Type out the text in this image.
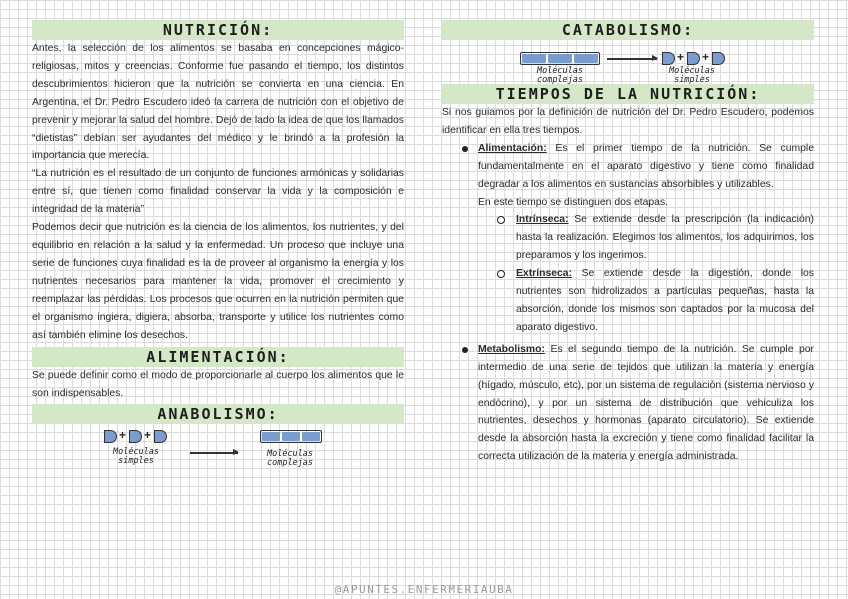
NUTRICIÓN:

Antes, la selección de los alimentos se basaba en concepciones mágico-religiosas, mitos y creencias. Conforme fue pasando el tiempo, los distintos descubrimientos hicieron que la nutrición se convierta en una ciencia. En Argentina, el Dr. Pedro Escudero ideó la carrera de nutrición con el objetivo de prevenir y mejorar la salud del hombre. Dejó de lado la idea de que los llamados “dietistas” debían ser ayudantes del médico y le brindó a la profesión la importancia que merecía.

“La nutrición es el resultado de un conjunto de funciones armónicas y solidarias entre sí, que tienen como finalidad conservar la vida y la composición e integridad de la materia”

Podemos decir que nutrición es la ciencia de los alimentos, los nutrientes, y del equilibrio en relación a la salud y la enfermedad. Un proceso que incluye una serie de funciones cuya finalidad es la de proveer al organismo la energía y los nutrientes necesarios para mantener la vida, promover el crecimiento y reemplazar las pérdidas. Los procesos que ocurren en la nutrición permiten que el organismo ingiera, digiera, absorba, transporte y utilice los nutrientes como así también elimine los desechos.

ALIMENTACIÓN:

Se puede definir como el modo de proporcionarle al cuerpo los alimentos que le son indispensables.

ANABOLISMO:
+ +
Moléculas
simples
Moléculas
complejas
CATABOLISMO:
Moléculas
complejas
+ +
Moléculas
simples
TIEMPOS DE LA NUTRICIÓN:

Si nos guiamos por la definición de nutrición del Dr. Pedro Escudero, podemos identificar en ella tres tiempos.

Alimentación: Es el primer tiempo de la nutrición. Se cumple fundamentalmente en el aparato digestivo y tiene como finalidad degradar a los alimentos en sustancias absorbibles y utilizables.

En este tiempo se distinguen dos etapas.

Intrínseca: Se extiende desde la prescripción (la indicación) hasta la realización. Elegimos los alimentos, los adquirimos, los preparamos y los ingerimos.

Extrínseca: Se extiende desde la digestión, donde los nutrientes son hidrolizados a partículas pequeñas, hasta la absorción, donde los mismos son captados por la mucosa del aparato digestivo.

Metabolismo: Es el segundo tiempo de la nutrición. Se cumple por intermedio de una serie de tejidos que utilizan la materia y energía (hígado, músculo, etc), por un sistema de regulación (sistema nervioso y endócrino), y por un sistema de distribución que vehiculiza los nutrientes, desechos y hormonas (aparato circulatorio). Se extiende desde la absorción hasta la excreción y tiene como finalidad facilitar la correcta utilización de la materia y energía administrada.

@APUNTES.ENFERMERIAUBA
